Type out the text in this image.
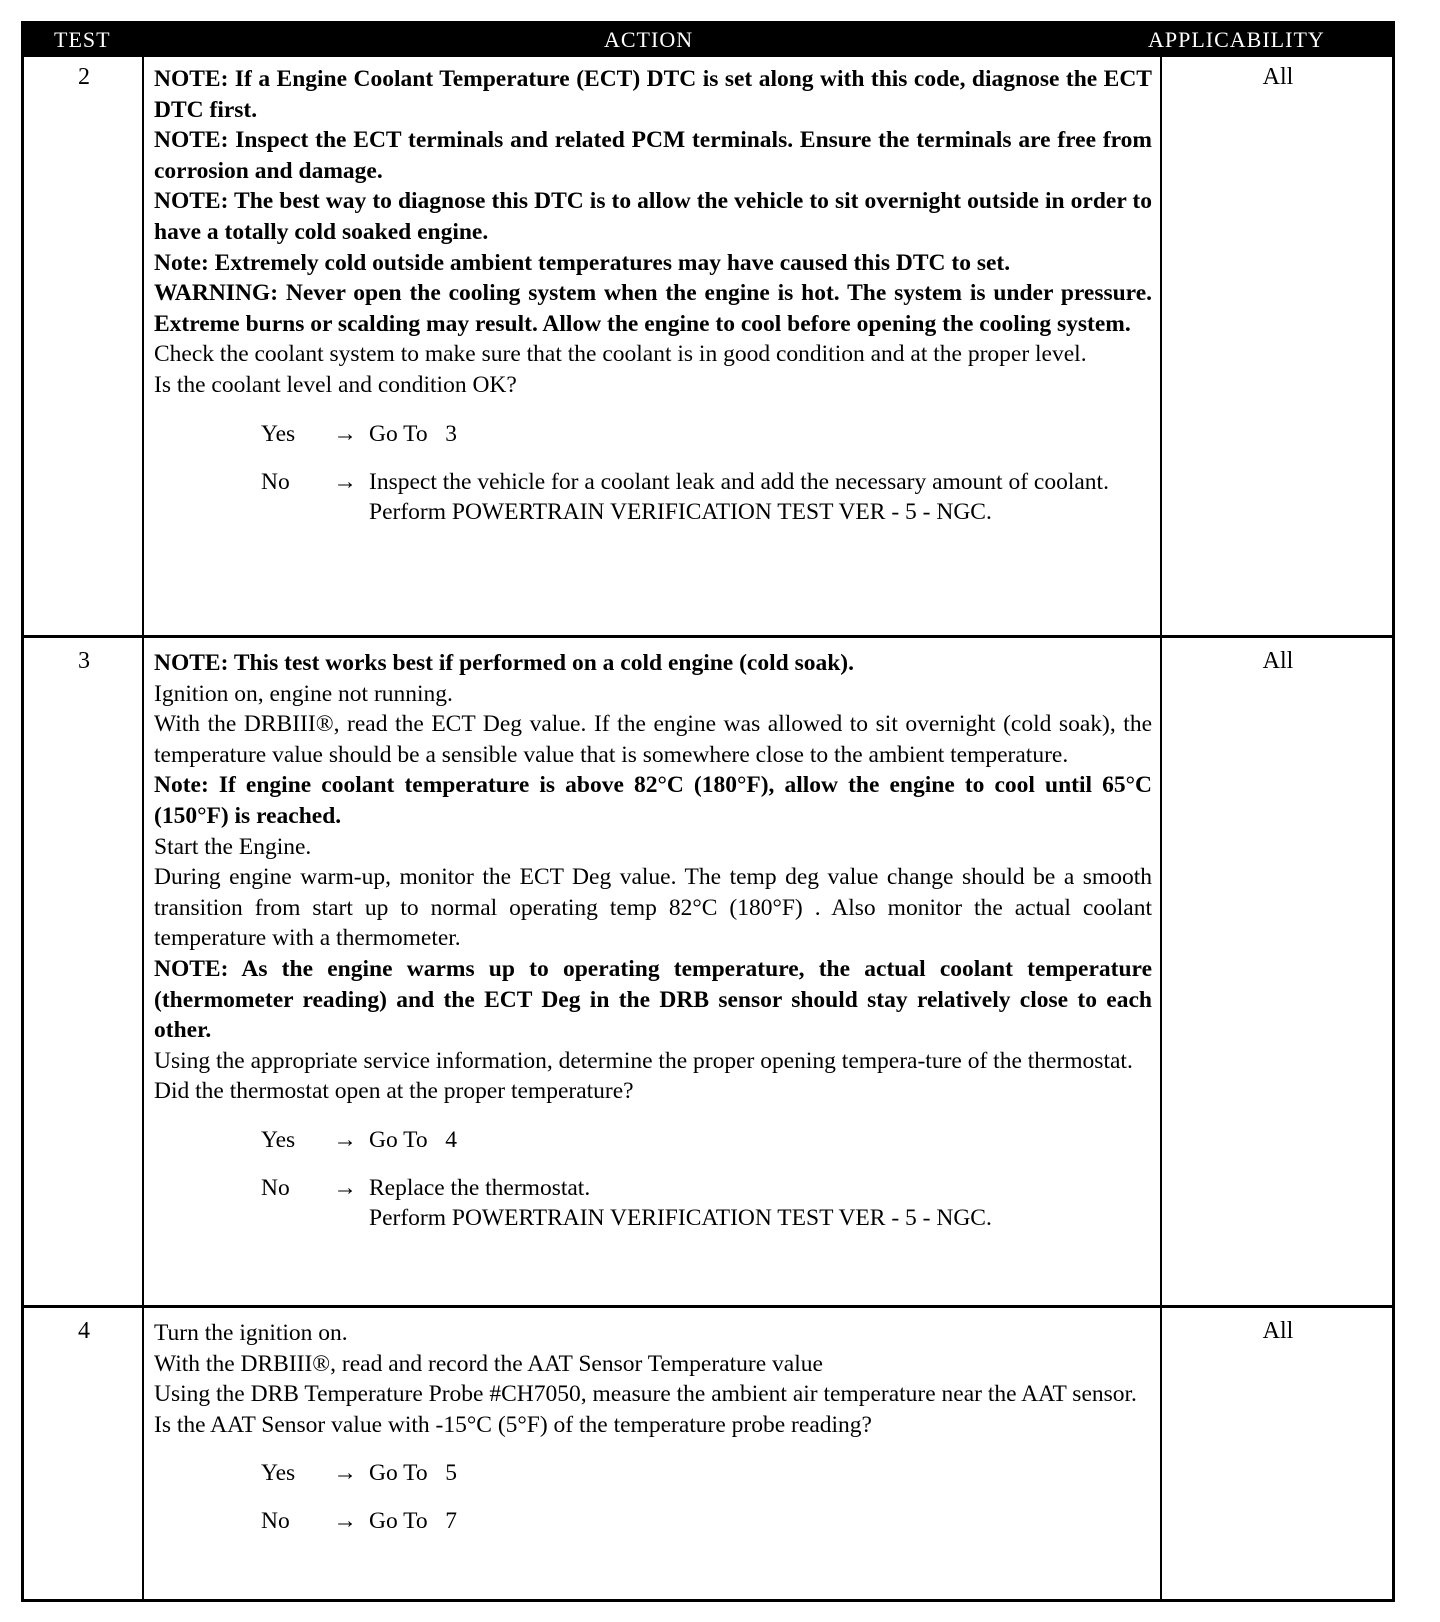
TEST	ACTION	APPLICABILITY
2	NOTE: If a Engine Coolant Temperature (ECT) DTC is set along with this code, diagnose the ECT DTC first.

NOTE: Inspect the ECT terminals and related PCM terminals. Ensure the terminals are free from corrosion and damage.

NOTE: The best way to diagnose this DTC is to allow the vehicle to sit overnight outside in order to have a totally cold soaked engine.

Note: Extremely cold outside ambient temperatures may have caused this DTC to set.

WARNING: Never open the cooling system when the engine is hot. The system is under pressure. Extreme burns or scalding may result. Allow the engine to cool before opening the cooling system.

Check the coolant system to make sure that the coolant is in good condition and at the proper level.

Is the coolant level and condition OK?

Yes	→ Go To   3
No	→ Inspect the vehicle for a coolant leak and add the necessary amount of coolant.
Perform POWERTRAIN VERIFICATION TEST VER - 5 - NGC.
All
3	NOTE: This test works best if performed on a cold engine (cold soak).

Ignition on, engine not running.

With the DRBIII®, read the ECT Deg value. If the engine was allowed to sit overnight (cold soak), the temperature value should be a sensible value that is somewhere close to the ambient temperature.

Note: If engine coolant temperature is above 82°C (180°F), allow the engine to cool until 65°C (150°F) is reached.

Start the Engine.

During engine warm-up, monitor the ECT Deg value. The temp deg value change should be a smooth transition from start up to normal operating temp 82°C (180°F) . Also monitor the actual coolant temperature with a thermometer.

NOTE: As the engine warms up to operating temperature, the actual coolant temperature (thermometer reading) and the ECT Deg in the DRB sensor should stay relatively close to each other.

Using the appropriate service information, determine the proper opening tempera-ture of the thermostat.

Did the thermostat open at the proper temperature?

Yes	→ Go To   4
No	→ Replace the thermostat.
Perform POWERTRAIN VERIFICATION TEST VER - 5 - NGC.
All
4	Turn the ignition on.

With the DRBIII®, read and record the AAT Sensor Temperature value

Using the DRB Temperature Probe #CH7050, measure the ambient air temperature near the AAT sensor.

Is the AAT Sensor value with -15°C (5°F) of the temperature probe reading?

Yes	→ Go To   5
No	→ Go To   7
All
